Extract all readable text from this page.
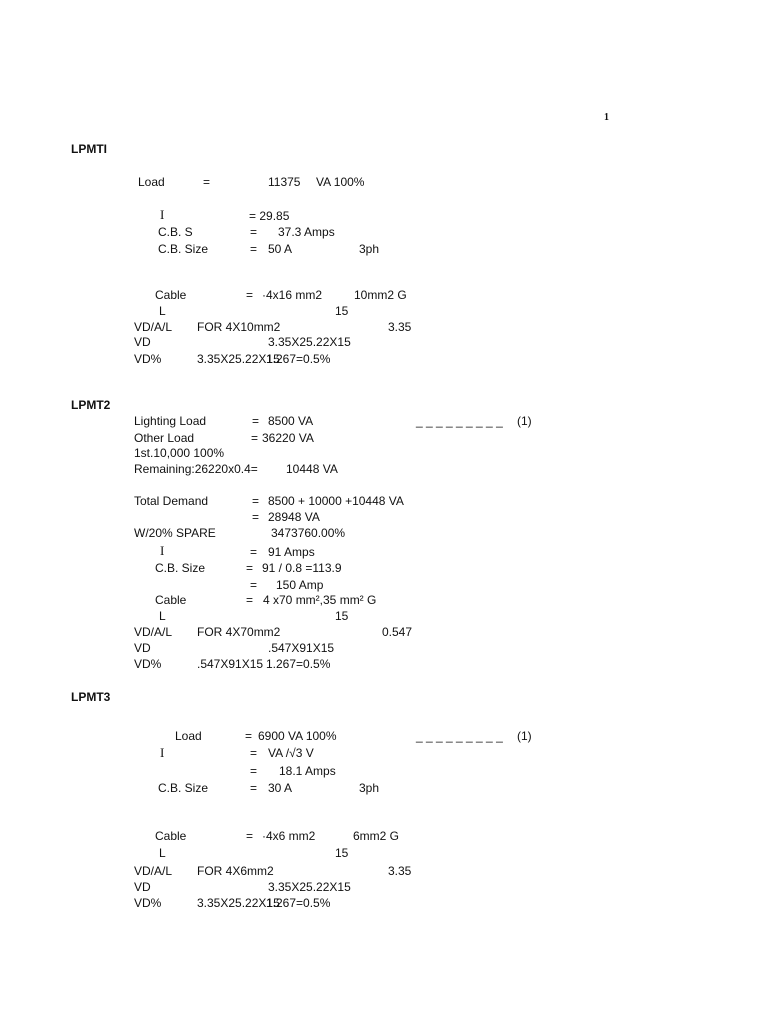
1
LPMTI
Load	=	11375 VA 100%
I	= 29.85
C.B. S	= 37.3 Amps
C.B. Size	= 50 A	3ph
Cable	= ·4x16 mm2	10mm2 G
L	15
VD/A/L FOR 4X10mm2	3.35
VD	3.35X25.22X15
VD%	3.35X25.22X15
1.267=0.5%
LPMT2
Lighting Load	= 8500 VA	_ _ _ _ _ _ _ _ _ (1)
Other Load	= 36220 VA
1st.10,000 100%
Remaining:26220x0.4= 10448 VA
Total Demand	= 8500 + 10000 +10448 VA
= 28948 VA
W/20% SPARE	3473760.00%
I	= 91 Amps
C.B. Size	= 91 / 0.8 =113.9
= 150 Amp
Cable	= 4 x70 mm²,35 mm² G
L	15
VD/A/L FOR 4X70mm2	0.547
VD	.547X91X15
VD%	.547X91X15 1.267=0.5%
LPMT3
Load	= 6900 VA 100%	_ _ _ _ _ _ _ _ _ (1)
I	= VA /√3 V
= 18.1 Amps
C.B. Size	= 30 A	3ph
Cable	= ·4x6 mm2	6mm2 G
L	15
VD/A/L FOR 4X6mm2	3.35
VD	3.35X25.22X15
VD%	3.35X25.22X15
1.267=0.5%
